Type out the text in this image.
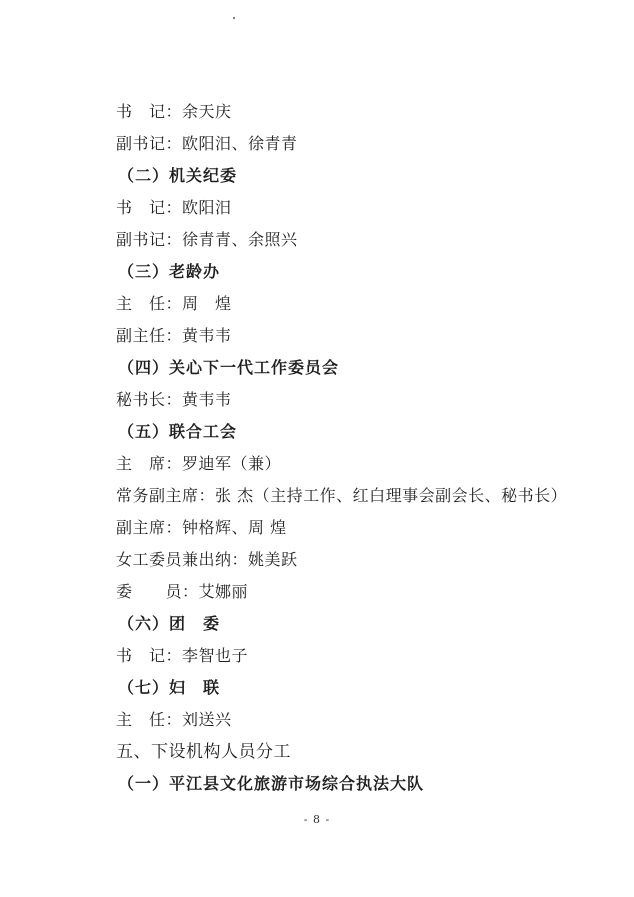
书　记：余天庆
副书记：欧阳汨、徐青青
（二）机关纪委
书　记：欧阳汨
副书记：徐青青、余照兴
（三）老龄办
主　任：周　煌
副主任：黄韦韦
（四）关心下一代工作委员会
秘书长：黄韦韦
（五）联合工会
主　席：罗迪军（兼）
常务副主席：张 杰（主持工作、红白理事会副会长、秘书长）
副主席：钟格辉、周 煌
女工委员兼出纳：姚美跃
委　　员：艾娜丽
（六）团　委
书　记：李智也子
（七）妇　联
主　任：刘送兴
五、下设机构人员分工
（一）平江县文化旅游市场综合执法大队
- 8 -
